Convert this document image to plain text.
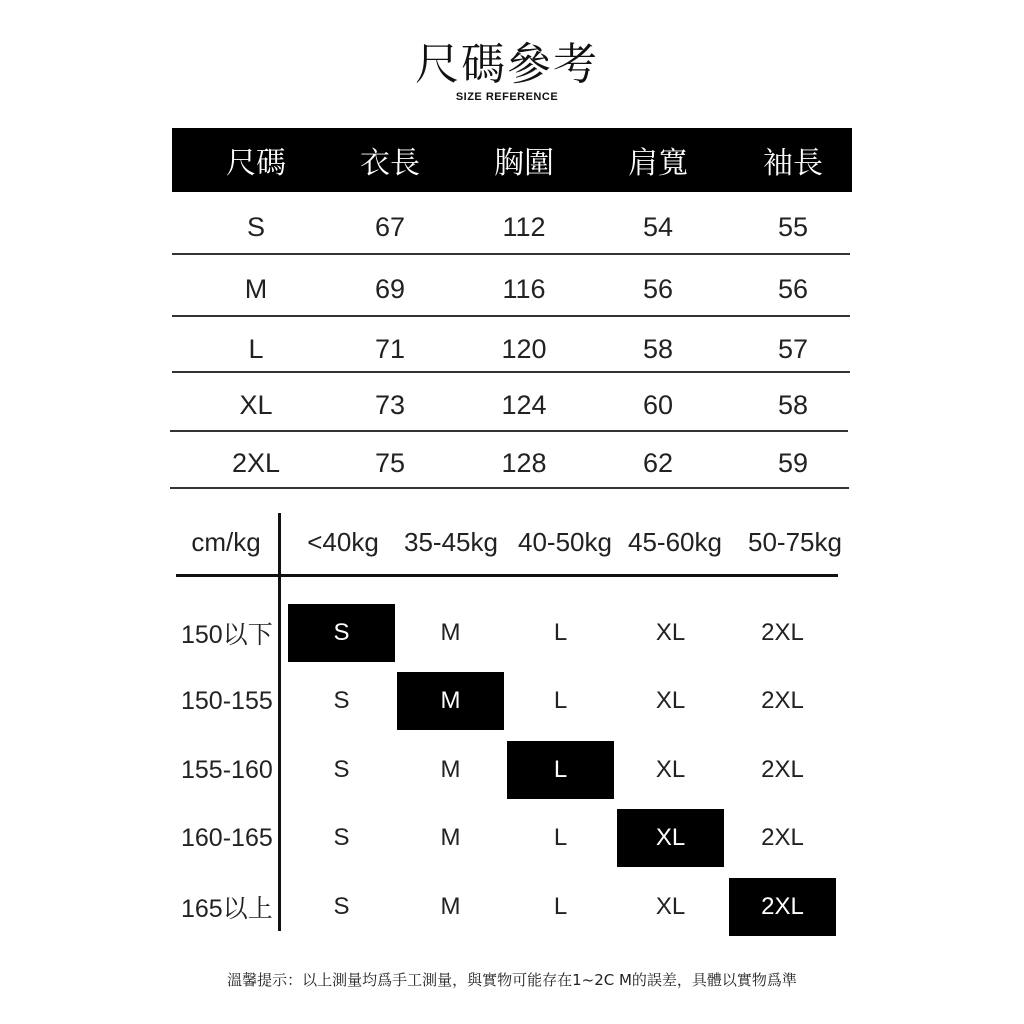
尺碼參考
SIZE REFERENCE
尺碼 衣長 胸圍 肩寬	袖長
S	67	112	54	55
M	69	116	56	56
L	71	120	58	57
XL	73	124	60	58
2XL	75	128	62	59
cm/kg <40kg 35-45kg 40-50kg 45-60kg 50-75kg
150以下	S	M	L	XL	2XL
150-155	S	M	L	XL	2XL
155-160	S	M	L	XL	2XL
160-165	S	M	L	XL	2XL
165以上	S	M	L	XL	2XL
溫馨提示：以上測量均爲手工測量，與實物可能存在1~2C M的誤差，具體以實物爲準
